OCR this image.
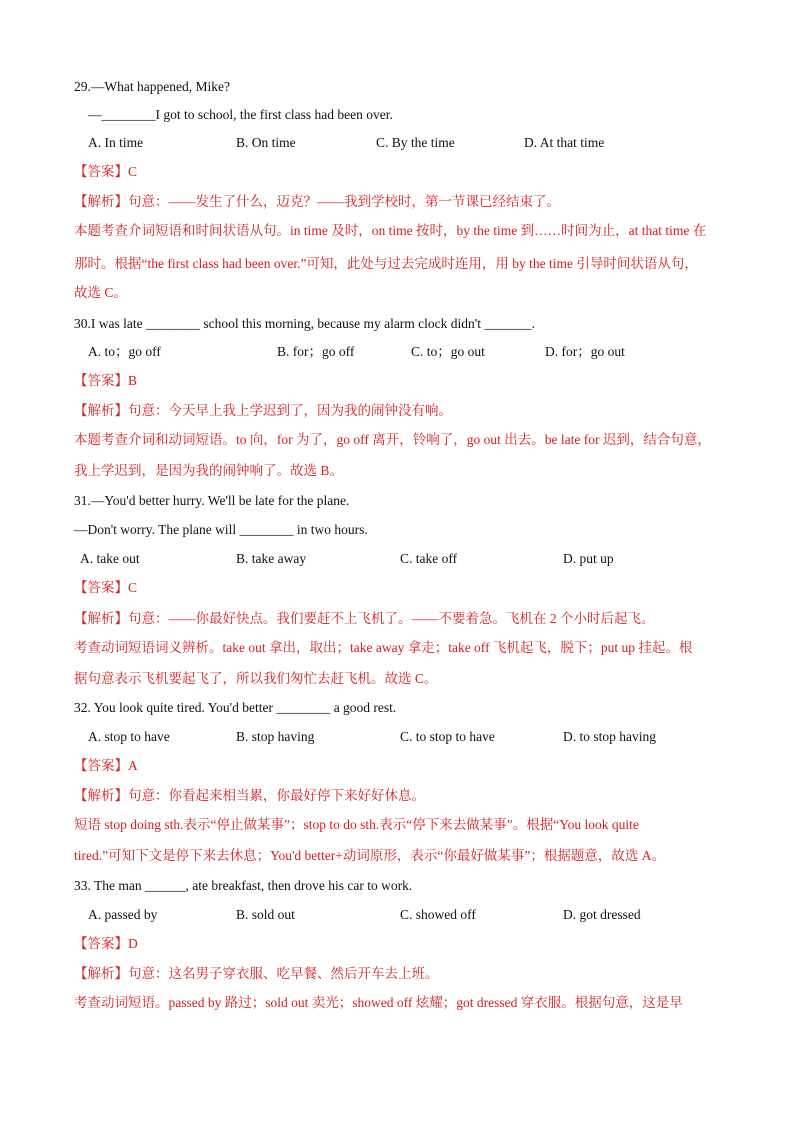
29.—What happened, Mike?
—________I got to school, the first class had been over.
A. In time	B. On time	C. By the time	D. At that time
【答案】C
【解析】句意：——发生了什么，迈克？——我到学校时，第一节课已经结束了。
本题考查介词短语和时间状语从句。in time 及时，on time 按时，by the time 到……时间为止，at that time 在
那时。根据“the first class had been over.”可知，此处与过去完成时连用，用 by the time 引导时间状语从句，
故选 C。
30.I was late ________ school this morning, because my alarm clock didn't _______.
A. to；go off	B. for；go off	C. to；go out	D. for；go out
【答案】B
【解析】句意：今天早上我上学迟到了，因为我的闹钟没有响。
本题考查介词和动词短语。to 向，for 为了，go off 离开，铃响了，go out 出去。be late for 迟到，结合句意，
我上学迟到，是因为我的闹钟响了。故选 B。
31.—You'd better hurry. We'll be late for the plane.
—Don't worry. The plane will ________ in two hours.
A. take out	B. take away	C. take off	D. put up
【答案】C
【解析】句意：——你最好快点。我们要赶不上飞机了。——不要着急。飞机在 2 个小时后起飞。
考查动词短语词义辨析。take out 拿出，取出；take away 拿走；take off 飞机起飞，脱下；put up 挂起。根
据句意表示飞机要起飞了，所以我们匆忙去赶飞机。故选 C。
32. You look quite tired. You'd better ________ a good rest.
A. stop to have	B. stop having	C. to stop to have	D. to stop having
【答案】A
【解析】句意：你看起来相当累，你最好停下来好好休息。
短语 stop doing sth.表示“停止做某事”；stop to do sth.表示“停下来去做某事”。根据“You look quite
tired.”可知下文是停下来去休息；You'd better+动词原形，表示“你最好做某事”；根据题意，故选 A。
33. The man ______, ate breakfast, then drove his car to work.
A. passed by	B. sold out	C. showed off	D. got dressed
【答案】D
【解析】句意：这名男子穿衣服、吃早餐、然后开车去上班。
考查动词短语。passed by 路过；sold out 卖光；showed off 炫耀；got dressed 穿衣服。根据句意，这是早
